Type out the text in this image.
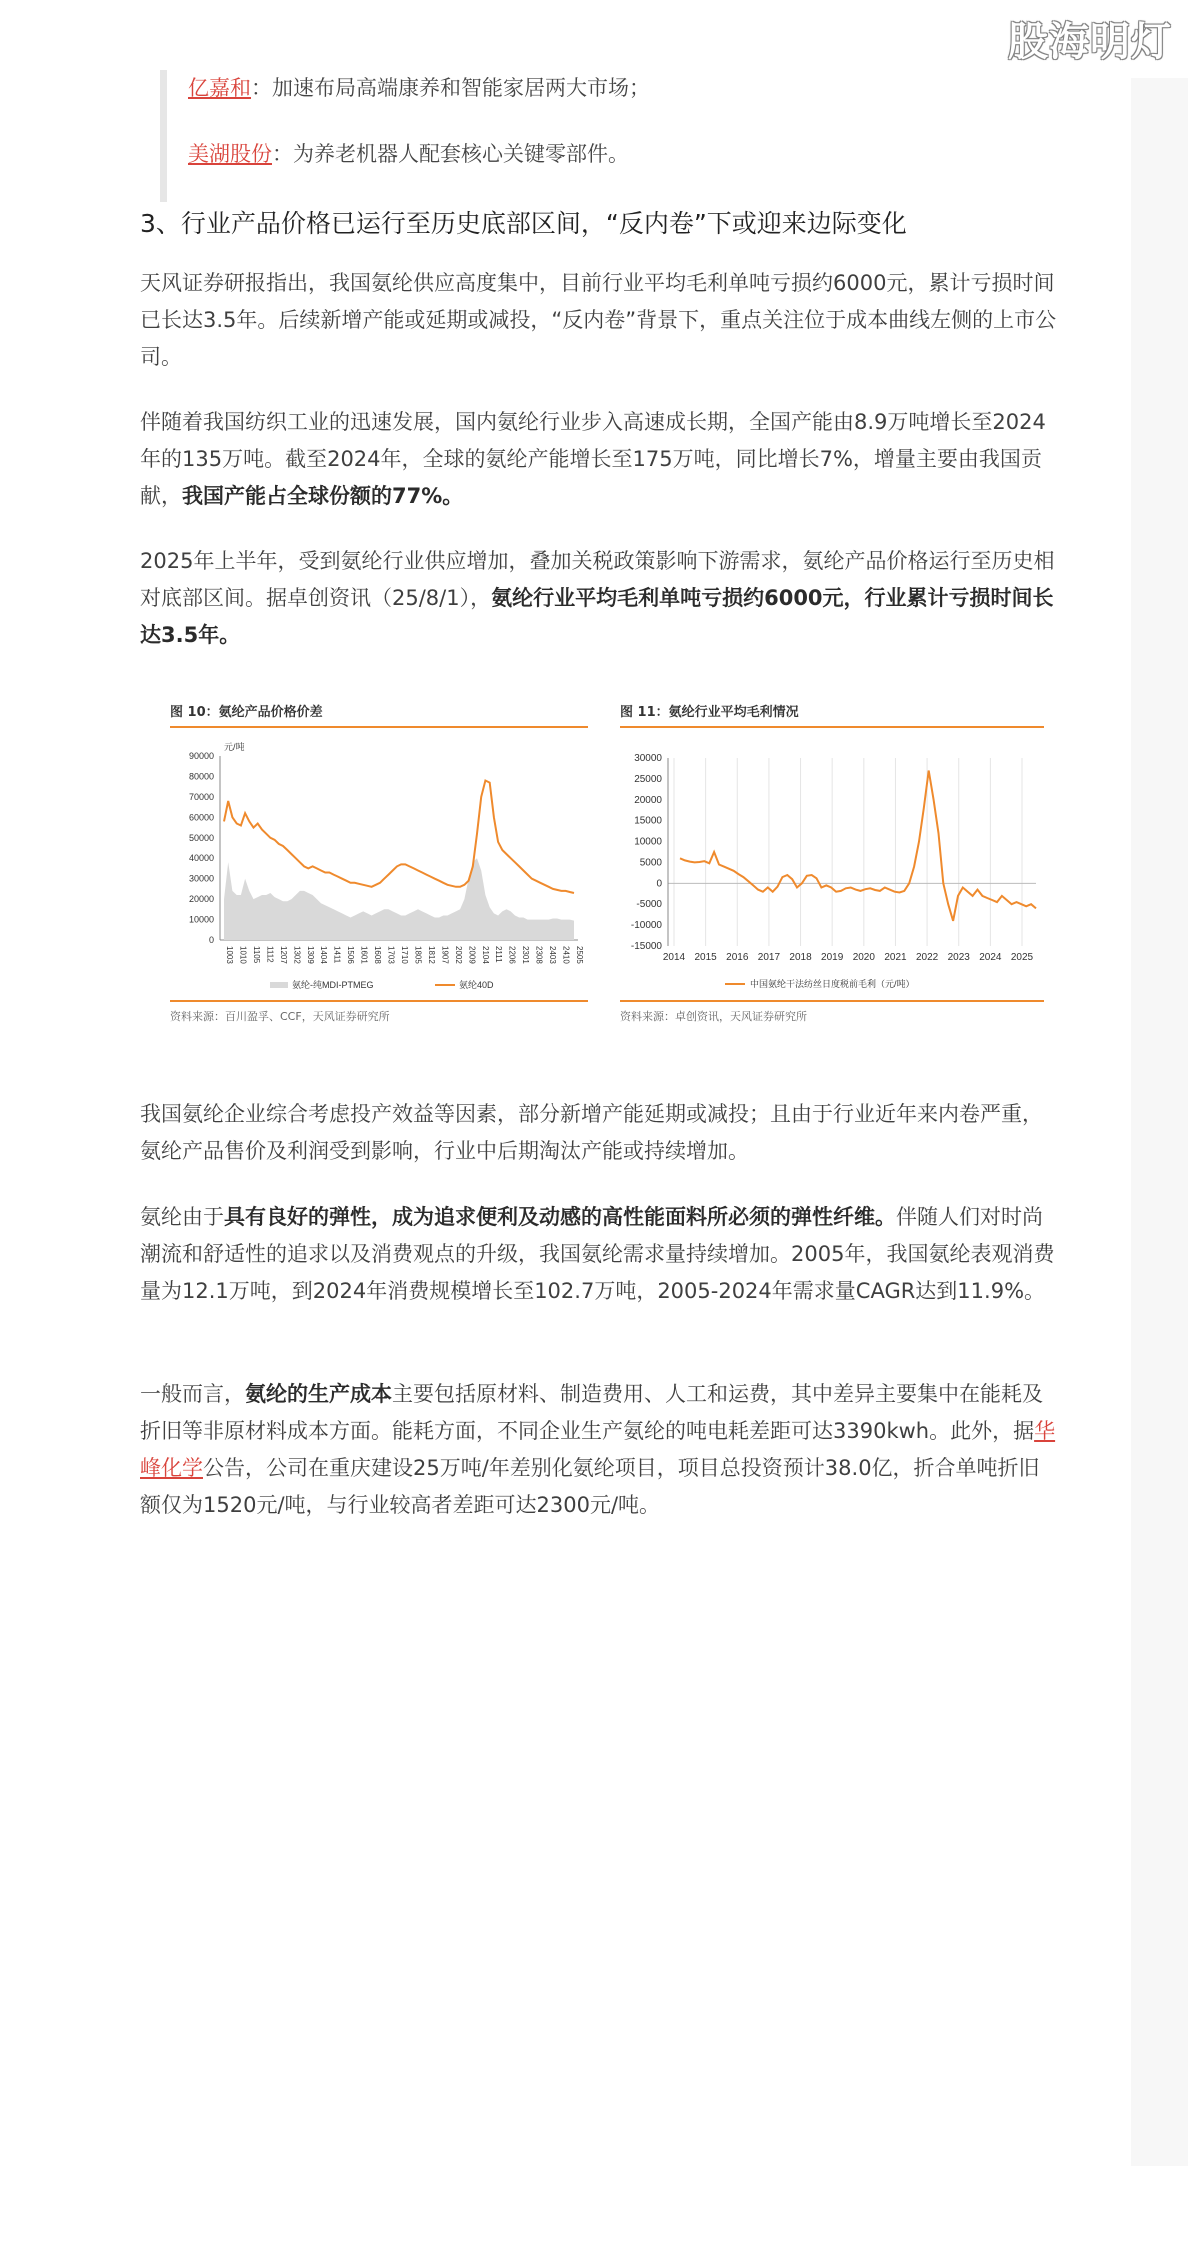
股海明灯

亿嘉和：加速布局高端康养和智能家居两大市场；

美湖股份：为养老机器人配套核心关键零部件。

3、行业产品价格已运行至历史底部区间，“反内卷”下或迎来边际变化

天风证券研报指出，我国氨纶供应高度集中，目前行业平均毛利单吨亏损约6000元，累计亏损时间已长达3.5年。后续新增产能或延期或减投，“反内卷”背景下，重点关注位于成本曲线左侧的上市公司。

伴随着我国纺织工业的迅速发展，国内氨纶行业步入高速成长期，全国产能由8.9万吨增长至2024年的135万吨。截至2024年，全球的氨纶产能增长至175万吨，同比增长7%，增量主要由我国贡献，我国产能占全球份额的77%。

2025年上半年，受到氨纶行业供应增加，叠加关税政策影响下游需求，氨纶产品价格运行至历史相对底部区间。据卓创资讯（25/8/1），氨纶行业平均毛利单吨亏损约6000元，行业累计亏损时间长达3.5年。

图 10：氨纶产品价格价差
元/吨
90000
80000
70000
60000
50000
40000
30000
20000
10000
0
1003 1010 1105 1112 1207 1302 1309 1404 1411 1506 1601 1608 1703 1710 1805 1812 1907 2002 2009 2104 2111 2206 2301 2308 2403 2410 2505
氨纶-纯MDI-PTMEG	氨纶40D
资料来源：百川盈孚、CCF，天风证券研究所
图 11：氨纶行业平均毛利情况
30000
25000
20000
15000
10000
5000
0
-5000
-10000
-15000
2014 2015 2016 2017 2018 2019 2020 2021 2022 2023 2024 2025
中国氨纶干法纺丝日度税前毛利（元/吨）
资料来源：卓创资讯，天风证券研究所

我国氨纶企业综合考虑投产效益等因素，部分新增产能延期或减投；且由于行业近年来内卷严重，氨纶产品售价及利润受到影响，行业中后期淘汰产能或持续增加。

氨纶由于具有良好的弹性，成为追求便利及动感的高性能面料所必须的弹性纤维。伴随人们对时尚潮流和舒适性的追求以及消费观点的升级，我国氨纶需求量持续增加。2005年，我国氨纶表观消费量为12.1万吨，到2024年消费规模增长至102.7万吨，2005-2024年需求量CAGR达到11.9%。

一般而言，氨纶的生产成本主要包括原材料、制造费用、人工和运费，其中差异主要集中在能耗及折旧等非原材料成本方面。能耗方面，不同企业生产氨纶的吨电耗差距可达3390kwh。此外，据华峰化学公告，公司在重庆建设25万吨/年差别化氨纶项目，项目总投资预计38.0亿，折合单吨折旧额仅为1520元/吨，与行业较高者差距可达2300元/吨。
